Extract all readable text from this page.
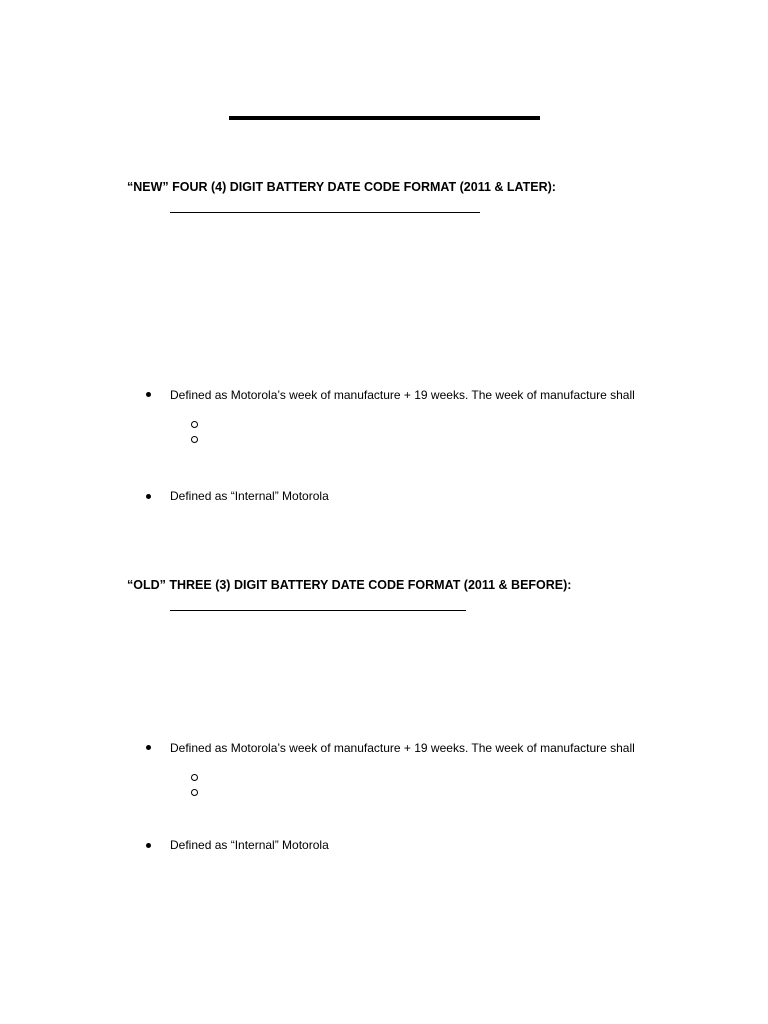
“NEW” FOUR (4) DIGIT BATTERY DATE CODE FORMAT (2011 & LATER):
Defined as Motorola’s week of manufacture + 19 weeks. The week of manufacture shall
Defined as “Internal” Motorola
“OLD” THREE (3) DIGIT BATTERY DATE CODE FORMAT (2011 & BEFORE):
Defined as Motorola’s week of manufacture + 19 weeks. The week of manufacture shall
Defined as “Internal” Motorola
